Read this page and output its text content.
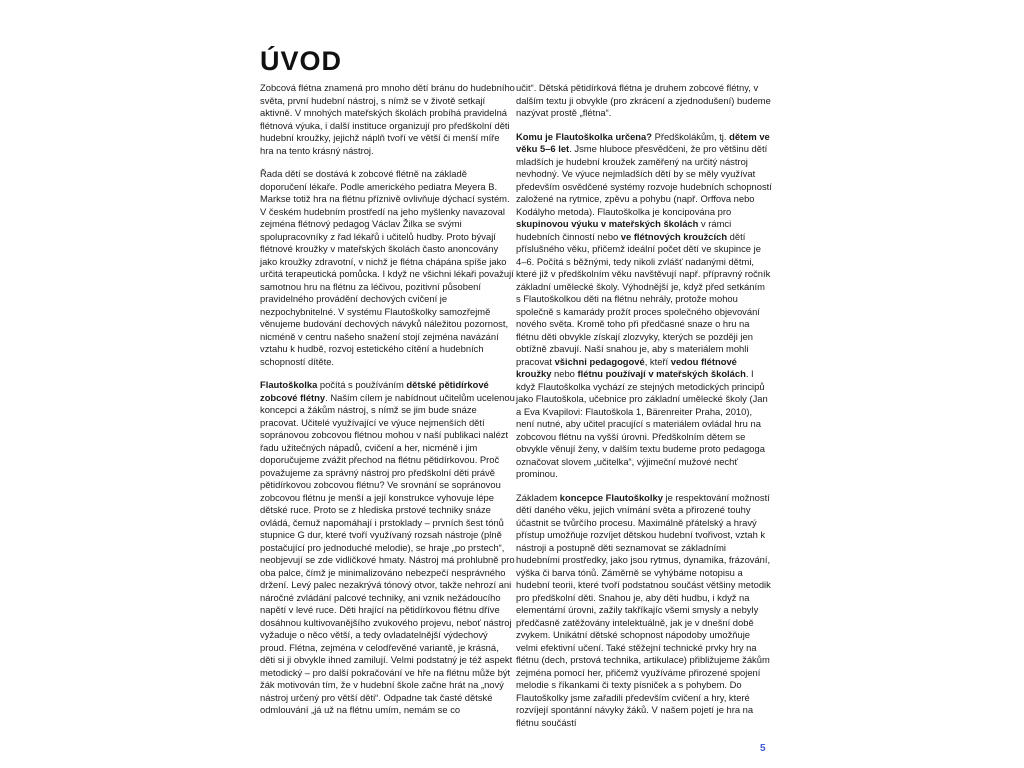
ÚVOD

Zobcová flétna znamená pro mnoho dětí bránu do hudebního světa, první hudební nástroj, s nímž se v životě setkají aktivně. V mnohých mateřských školách probíhá pravidelná flétnová výuka, i další instituce organizují pro předškolní děti hudební kroužky, jejichž náplň tvoří ve větší či menší míře hra na tento krásný nástroj.

Řada dětí se dostává k zobcové flétně na základě doporučení lékaře. Podle amerického pediatra Meyera B. Markse totiž hra na flétnu příznivě ovlivňuje dýchací systém. V českém hudebním prostředí na jeho myšlenky navazoval zejména flétnový pedagog Václav Žilka se svými spolupracovníky z řad lékařů i učitelů hudby. Proto bývají flétnové kroužky v mateřských školách často anoncovány jako kroužky zdravotní, v nichž je flétna chápána spíše jako určitá terapeutická pomůcka. I když ne všichni lékaři považují samotnou hru na flétnu za léčivou, pozitivní působení pravidelného provádění dechových cvičení je nezpochybnitelné. V systému Flautoškolky samozřejmě věnujeme budování dechových návyků náležitou pozornost, nicméně v centru našeho snažení stojí zejména navázání vztahu k hudbě, rozvoj estetického cítění a hudebních schopností dítěte.

Flautoškolka počítá s používáním dětské pětidírkové zobcové flétny. Naším cílem je nabídnout učitelům ucelenou koncepci a žákům nástroj, s nímž se jim bude snáze pracovat. Učitelé využívající ve výuce nejmenších dětí sopránovou zobcovou flétnou mohou v naší publikaci nalézt řadu užitečných nápadů, cvičení a her, nicméně i jim doporučujeme zvážit přechod na flétnu pětidírkovou. Proč považujeme za správný nástroj pro předškolní děti právě pětidírkovou zobcovou flétnu? Ve srovnání se sopránovou zobcovou flétnu je menší a její konstrukce vyhovuje lépe dětské ruce. Proto se z hlediska prstové techniky snáze ovládá, čemuž napomáhají i prstoklady – prvních šest tónů stupnice G dur, které tvoří využívaný rozsah nástroje (plně postačující pro jednoduché melodie), se hraje „po prstech“, neobjevují se zde vidličkové hmaty. Nástroj má prohlubně pro oba palce, čímž je minimalizováno nebezpečí nesprávného držení. Levý palec nezakrývá tónový otvor, takže nehrozí ani náročné zvládání palcové techniky, ani vznik nežádoucího napětí v levé ruce. Děti hrající na pětidírkovou flétnu dříve dosáhnou kultivovanějšího zvukového projevu, neboť nástroj vyžaduje o něco větší, a tedy ovladatelnější výdechový proud. Flétna, zejména v celodřevěné variantě, je krásná, děti si ji obvykle ihned zamilují. Velmi podstatný je též aspekt metodický – pro další pokračování ve hře na flétnu může být žák motivován tím, že v hudební škole začne hrát na „nový nástroj určený pro větší děti“. Odpadne tak časté dětské odmlouvání „já už na flétnu umím, nemám se co

učit“. Dětská pětidírková flétna je druhem zobcové flétny, v dalším textu ji obvykle (pro zkrácení a zjednodušení) budeme nazývat prostě „flétna“.

Komu je Flautoškolka určena? Předškolákům, tj. dětem ve věku 5–6 let. Jsme hluboce přesvědčeni, že pro většinu dětí mladších je hudební kroužek zaměřený na určitý nástroj nevhodný. Ve výuce nejmladších dětí by se měly využívat především osvědčené systémy rozvoje hudebních schopností založené na rytmice, zpěvu a pohybu (např. Orffova nebo Kodályho metoda). Flautoškolka je koncipována pro skupinovou výuku v mateřských školách v rámci hudebních činností nebo ve flétnových kroužcích dětí příslušného věku, přičemž ideální počet dětí ve skupince je 4–6. Počítá s běžnými, tedy nikoli zvlášť nadanými dětmi, které již v předškolním věku navštěvují např. přípravný ročník základní umělecké školy. Výhodnější je, když před setkáním s Flautoškolkou děti na flétnu nehrály, protože mohou společně s kamarády prožít proces společného objevování nového světa. Kromě toho při předčasné snaze o hru na flétnu děti obvykle získají zlozvyky, kterých se později jen obtížně zbavují. Naší snahou je, aby s materiálem mohli pracovat všichni pedagogové, kteří vedou flétnové kroužky nebo flétnu používají v mateřských školách. I když Flautoškolka vychází ze stejných metodických principů jako Flautoškola, učebnice pro základní umělecké školy (Jan a Eva Kvapilovi: Flautoškola 1, Bärenreiter Praha, 2010), není nutné, aby učitel pracující s materiálem ovládal hru na zobcovou flétnu na vyšší úrovni. Předškolním dětem se obvykle věnují ženy, v dalším textu budeme proto pedagoga označovat slovem „učitelka“, výjimeční mužové nechť prominou.

Základem koncepce Flautoškolky je respektování možností dětí daného věku, jejich vnímání světa a přirozené touhy účastnit se tvůrčího procesu. Maximálně přátelský a hravý přístup umožňuje rozvíjet dětskou hudební tvořivost, vztah k nástroji a postupně děti seznamovat se základními hudebními prostředky, jako jsou rytmus, dynamika, frázování, výška či barva tónů. Záměrně se vyhýbáme notopisu a hudební teorii, které tvoří podstatnou součást většiny metodik pro předškolní děti. Snahou je, aby děti hudbu, i když na elementární úrovni, zažily takříkajíc všemi smysly a nebyly předčasně zatěžovány intelektuálně, jak je v dnešní době zvykem. Unikátní dětské schopnost nápodoby umožňuje velmi efektivní učení. Také stěžejní technické prvky hry na flétnu (dech, prstová technika, artikulace) přibližujeme žákům zejména pomocí her, přičemž využíváme přirozené spojení melodie s říkankami či texty písniček a s pohybem. Do Flautoškolky jsme zařadili především cvičení a hry, které rozvíjejí spontánní návyky žáků. V našem pojetí je hra na flétnu součástí

5
